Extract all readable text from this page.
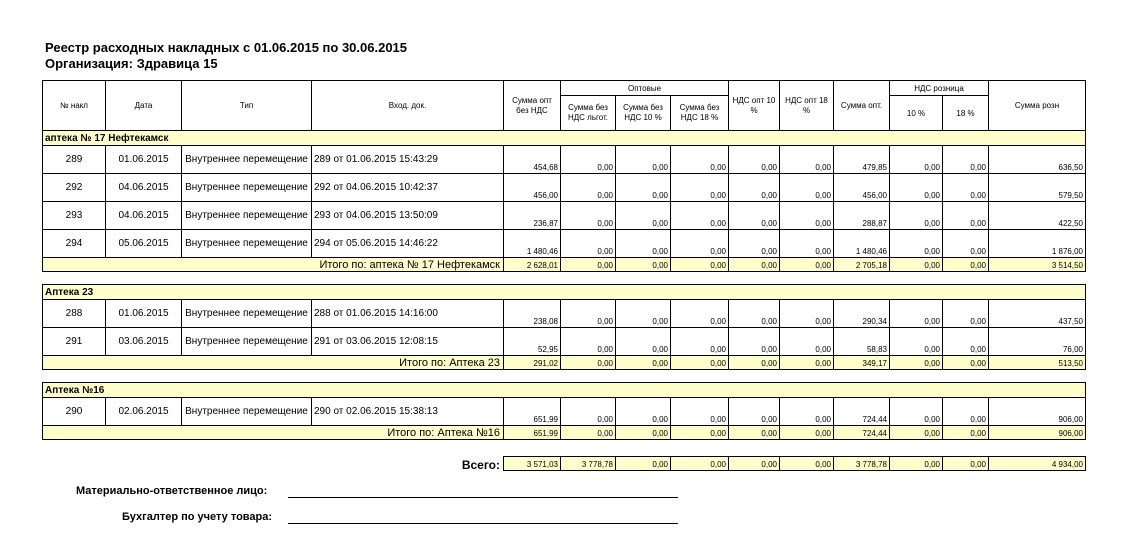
Реестр расходных накладных с 01.06.2015 по 30.06.2015
Организация: Здравица 15
№ накл	Дата	Тип	Вход. док.	Сумма опт без НДС	Оптовые			НДС опт 10 %	НДС опт 18 %	Сумма опт.	НДС розница		Сумма розн
					Сумма без НДС льгот.	Сумма без НДС 10 %	Сумма без НДС 18 %				10 %	18 %	
аптека № 17 Нефтекамск													
289	01.06.2015	Внутреннее перемещение	289 от 01.06.2015 15:43:29	454,68	0,00	0,00	0,00	0,00	0,00	479,85	0,00	0,00	636,50
292	04.06.2015	Внутреннее перемещение	292 от 04.06.2015 10:42:37	456,00	0,00	0,00	0,00	0,00	0,00	456,00	0,00	0,00	579,50
293	04.06.2015	Внутреннее перемещение	293 от 04.06.2015 13:50:09	236,87	0,00	0,00	0,00	0,00	0,00	288,87	0,00	0,00	422,50
294	05.06.2015	Внутреннее перемещение	294 от 05.06.2015 14:46:22	1 480,46	0,00	0,00	0,00	0,00	0,00	1 480,46	0,00	0,00	1 876,00
Итого по: аптека № 17 Нефтекамск				2 628,01	0,00	0,00	0,00	0,00	0,00	2 705,18	0,00	0,00	3 514,50

Аптека 23													
288	01.06.2015	Внутреннее перемещение	288 от 01.06.2015 14:16:00	238,08	0,00	0,00	0,00	0,00	0,00	290,34	0,00	0,00	437,50
291	03.06.2015	Внутреннее перемещение	291 от 03.06.2015 12:08:15	52,95	0,00	0,00	0,00	0,00	0,00	58,83	0,00	0,00	76,00
Итого по: Аптека 23				291,02	0,00	0,00	0,00	0,00	0,00	349,17	0,00	0,00	513,50

Аптека №16													
290	02.06.2015	Внутреннее перемещение	290 от 02.06.2015 15:38:13	651,99	0,00	0,00	0,00	0,00	0,00	724,44	0,00	0,00	906,00
Итого по: Аптека №16				651,99	0,00	0,00	0,00	0,00	0,00	724,44	0,00	0,00	906,00

Всего:				3 571,03	3 778,78	0,00	0,00	0,00	0,00	3 778,78	0,00	0,00	4 934,00
Материально-ответственное лицо:
Бухгалтер по учету товара:
